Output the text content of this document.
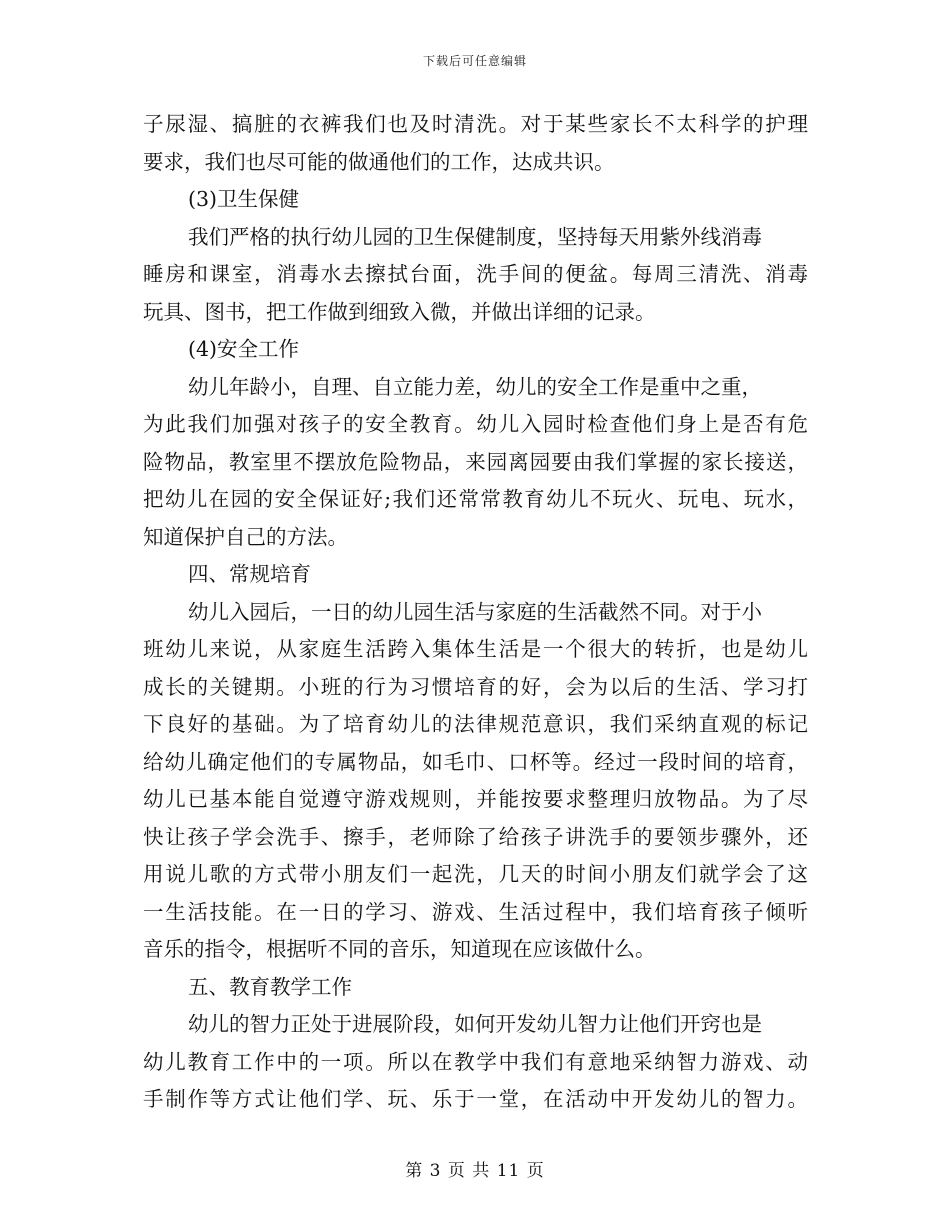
下载后可任意编辑
子尿湿、搞脏的衣裤我们也及时清洗。对于某些家长不太科学的护理
要求，我们也尽可能的做通他们的工作，达成共识。
(3)卫生保健
我们严格的执行幼儿园的卫生保健制度，坚持每天用紫外线消毒
睡房和课室，消毒水去擦拭台面，洗手间的便盆。每周三清洗、消毒
玩具、图书，把工作做到细致入微，并做出详细的记录。
(4)安全工作
幼儿年龄小，自理、自立能力差，幼儿的安全工作是重中之重，
为此我们加强对孩子的安全教育。幼儿入园时检查他们身上是否有危
险物品，教室里不摆放危险物品，来园离园要由我们掌握的家长接送，
把幼儿在园的安全保证好;我们还常常教育幼儿不玩火、玩电、玩水，
知道保护自己的方法。
四、常规培育
幼儿入园后，一日的幼儿园生活与家庭的生活截然不同。对于小
班幼儿来说，从家庭生活跨入集体生活是一个很大的转折，也是幼儿
成长的关键期。小班的行为习惯培育的好，会为以后的生活、学习打
下良好的基础。为了培育幼儿的法律规范意识，我们采纳直观的标记
给幼儿确定他们的专属物品，如毛巾、口杯等。经过一段时间的培育，
幼儿已基本能自觉遵守游戏规则，并能按要求整理归放物品。为了尽
快让孩子学会洗手、擦手，老师除了给孩子讲洗手的要领步骤外，还
用说儿歌的方式带小朋友们一起洗，几天的时间小朋友们就学会了这
一生活技能。在一日的学习、游戏、生活过程中，我们培育孩子倾听
音乐的指令，根据听不同的音乐，知道现在应该做什么。
五、教育教学工作
幼儿的智力正处于进展阶段，如何开发幼儿智力让他们开窍也是
幼儿教育工作中的一项。所以在教学中我们有意地采纳智力游戏、动
手制作等方式让他们学、玩、乐于一堂，在活动中开发幼儿的智力。
第 3 页 共 11 页
